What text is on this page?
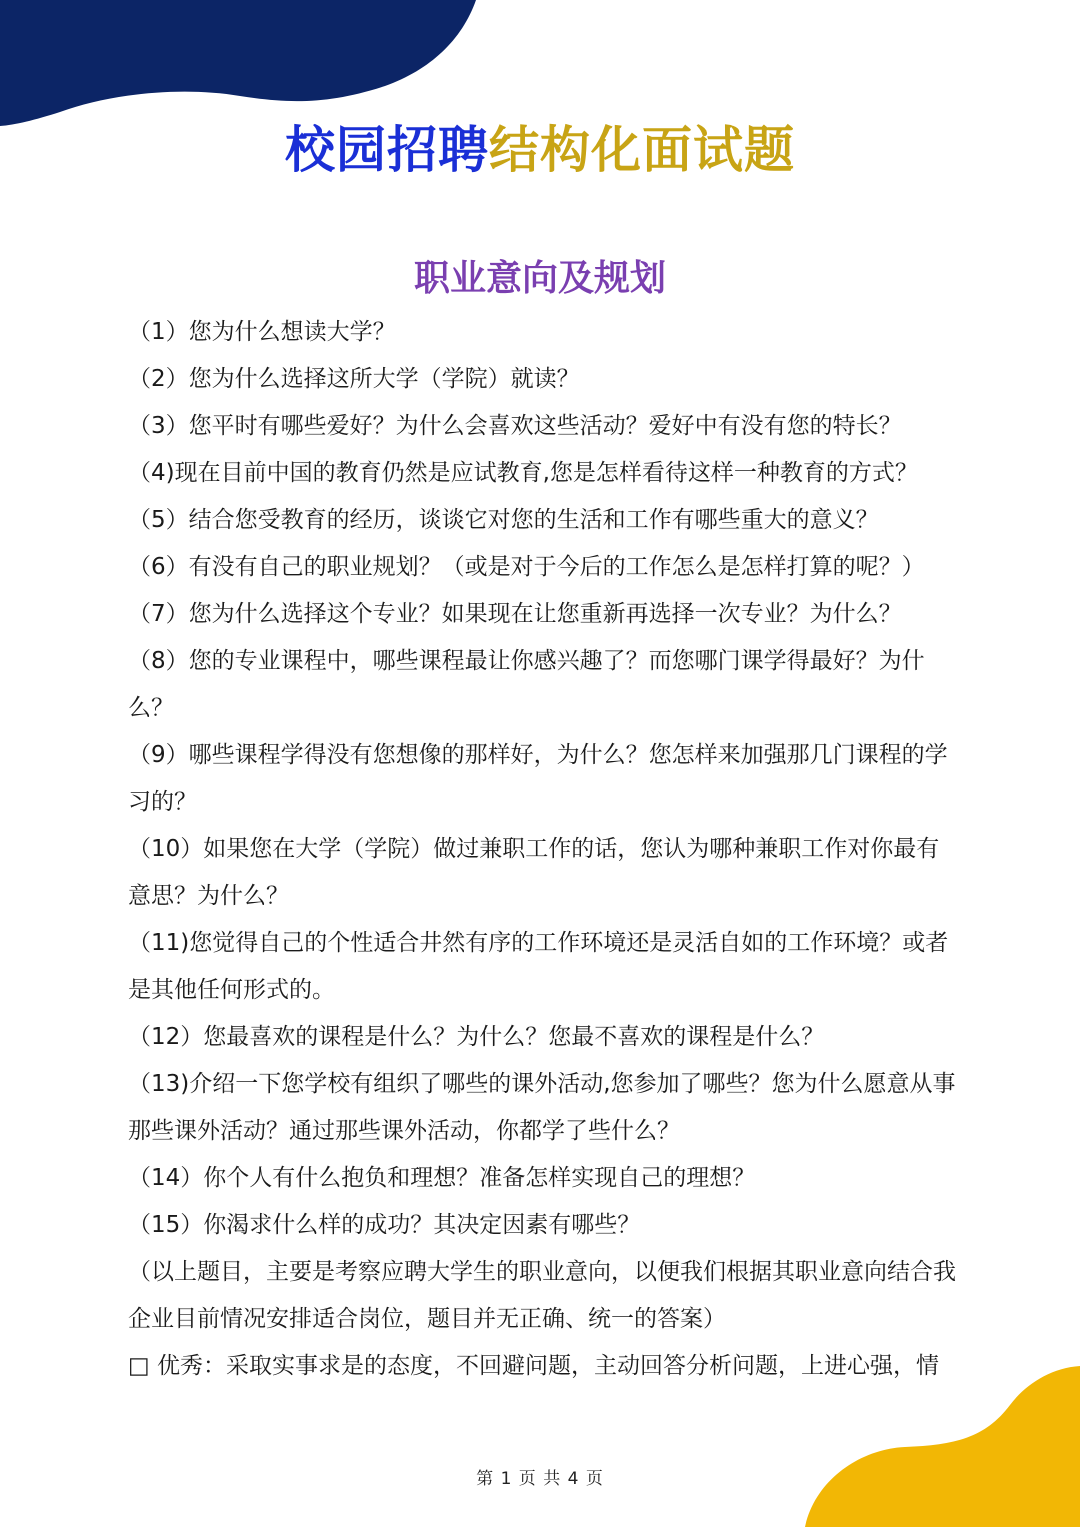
校园招聘结构化面试题
职业意向及规划

（1）您为什么想读大学？

（2）您为什么选择这所大学（学院）就读？

（3）您平时有哪些爱好？为什么会喜欢这些活动？爱好中有没有您的特长？

（4)现在目前中国的教育仍然是应试教育,您是怎样看待这样一种教育的方式？

（5）结合您受教育的经历，谈谈它对您的生活和工作有哪些重大的意义？

（6）有没有自己的职业规划？（或是对于今后的工作怎么是怎样打算的呢？）

（7）您为什么选择这个专业？如果现在让您重新再选择一次专业？为什么？

（8）您的专业课程中，哪些课程最让你感兴趣了？而您哪门课学得最好？为什么？

（9）哪些课程学得没有您想像的那样好，为什么？您怎样来加强那几门课程的学习的？

（10）如果您在大学（学院）做过兼职工作的话，您认为哪种兼职工作对你最有意思？为什么？

（11)您觉得自己的个性适合井然有序的工作环境还是灵活自如的工作环境？或者是其他任何形式的。

（12）您最喜欢的课程是什么？为什么？您最不喜欢的课程是什么？

（13)介绍一下您学校有组织了哪些的课外活动,您参加了哪些？您为什么愿意从事那些课外活动？通过那些课外活动，你都学了些什么？

（14）你个人有什么抱负和理想？准备怎样实现自己的理想？

（15）你渴求什么样的成功？其决定因素有哪些？

（以上题目，主要是考察应聘大学生的职业意向，以便我们根据其职业意向结合我企业目前情况安排适合岗位，题目并无正确、统一的答案）

□ 优秀：采取实事求是的态度，不回避问题，主动回答分析问题，上进心强，情

第 1 页 共 4 页
